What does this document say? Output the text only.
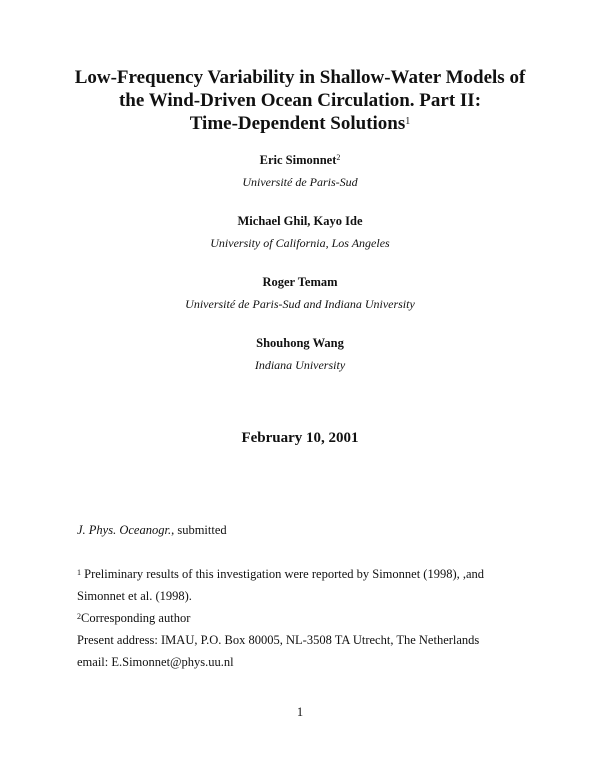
Low-Frequency Variability in Shallow-Water Models of
the Wind-Driven Ocean Circulation. Part II:
Time-Dependent Solutions$^1$
Eric Simonnet$^2$
Université de Paris-Sud
Michael Ghil, Kayo Ide
University of California, Los Angeles
Roger Temam
Université de Paris-Sud and Indiana University
Shouhong Wang
Indiana University
February 10, 2001
J. Phys. Oceanogr., submitted
$^1$ Preliminary results of this investigation were reported by Simonnet (1998), ,and
Simonnet et al. (1998).
$^2$Corresponding author
Present address: IMAU, P.O. Box 80005, NL-3508 TA Utrecht, The Netherlands
email: E.Simonnet@phys.uu.nl
1
